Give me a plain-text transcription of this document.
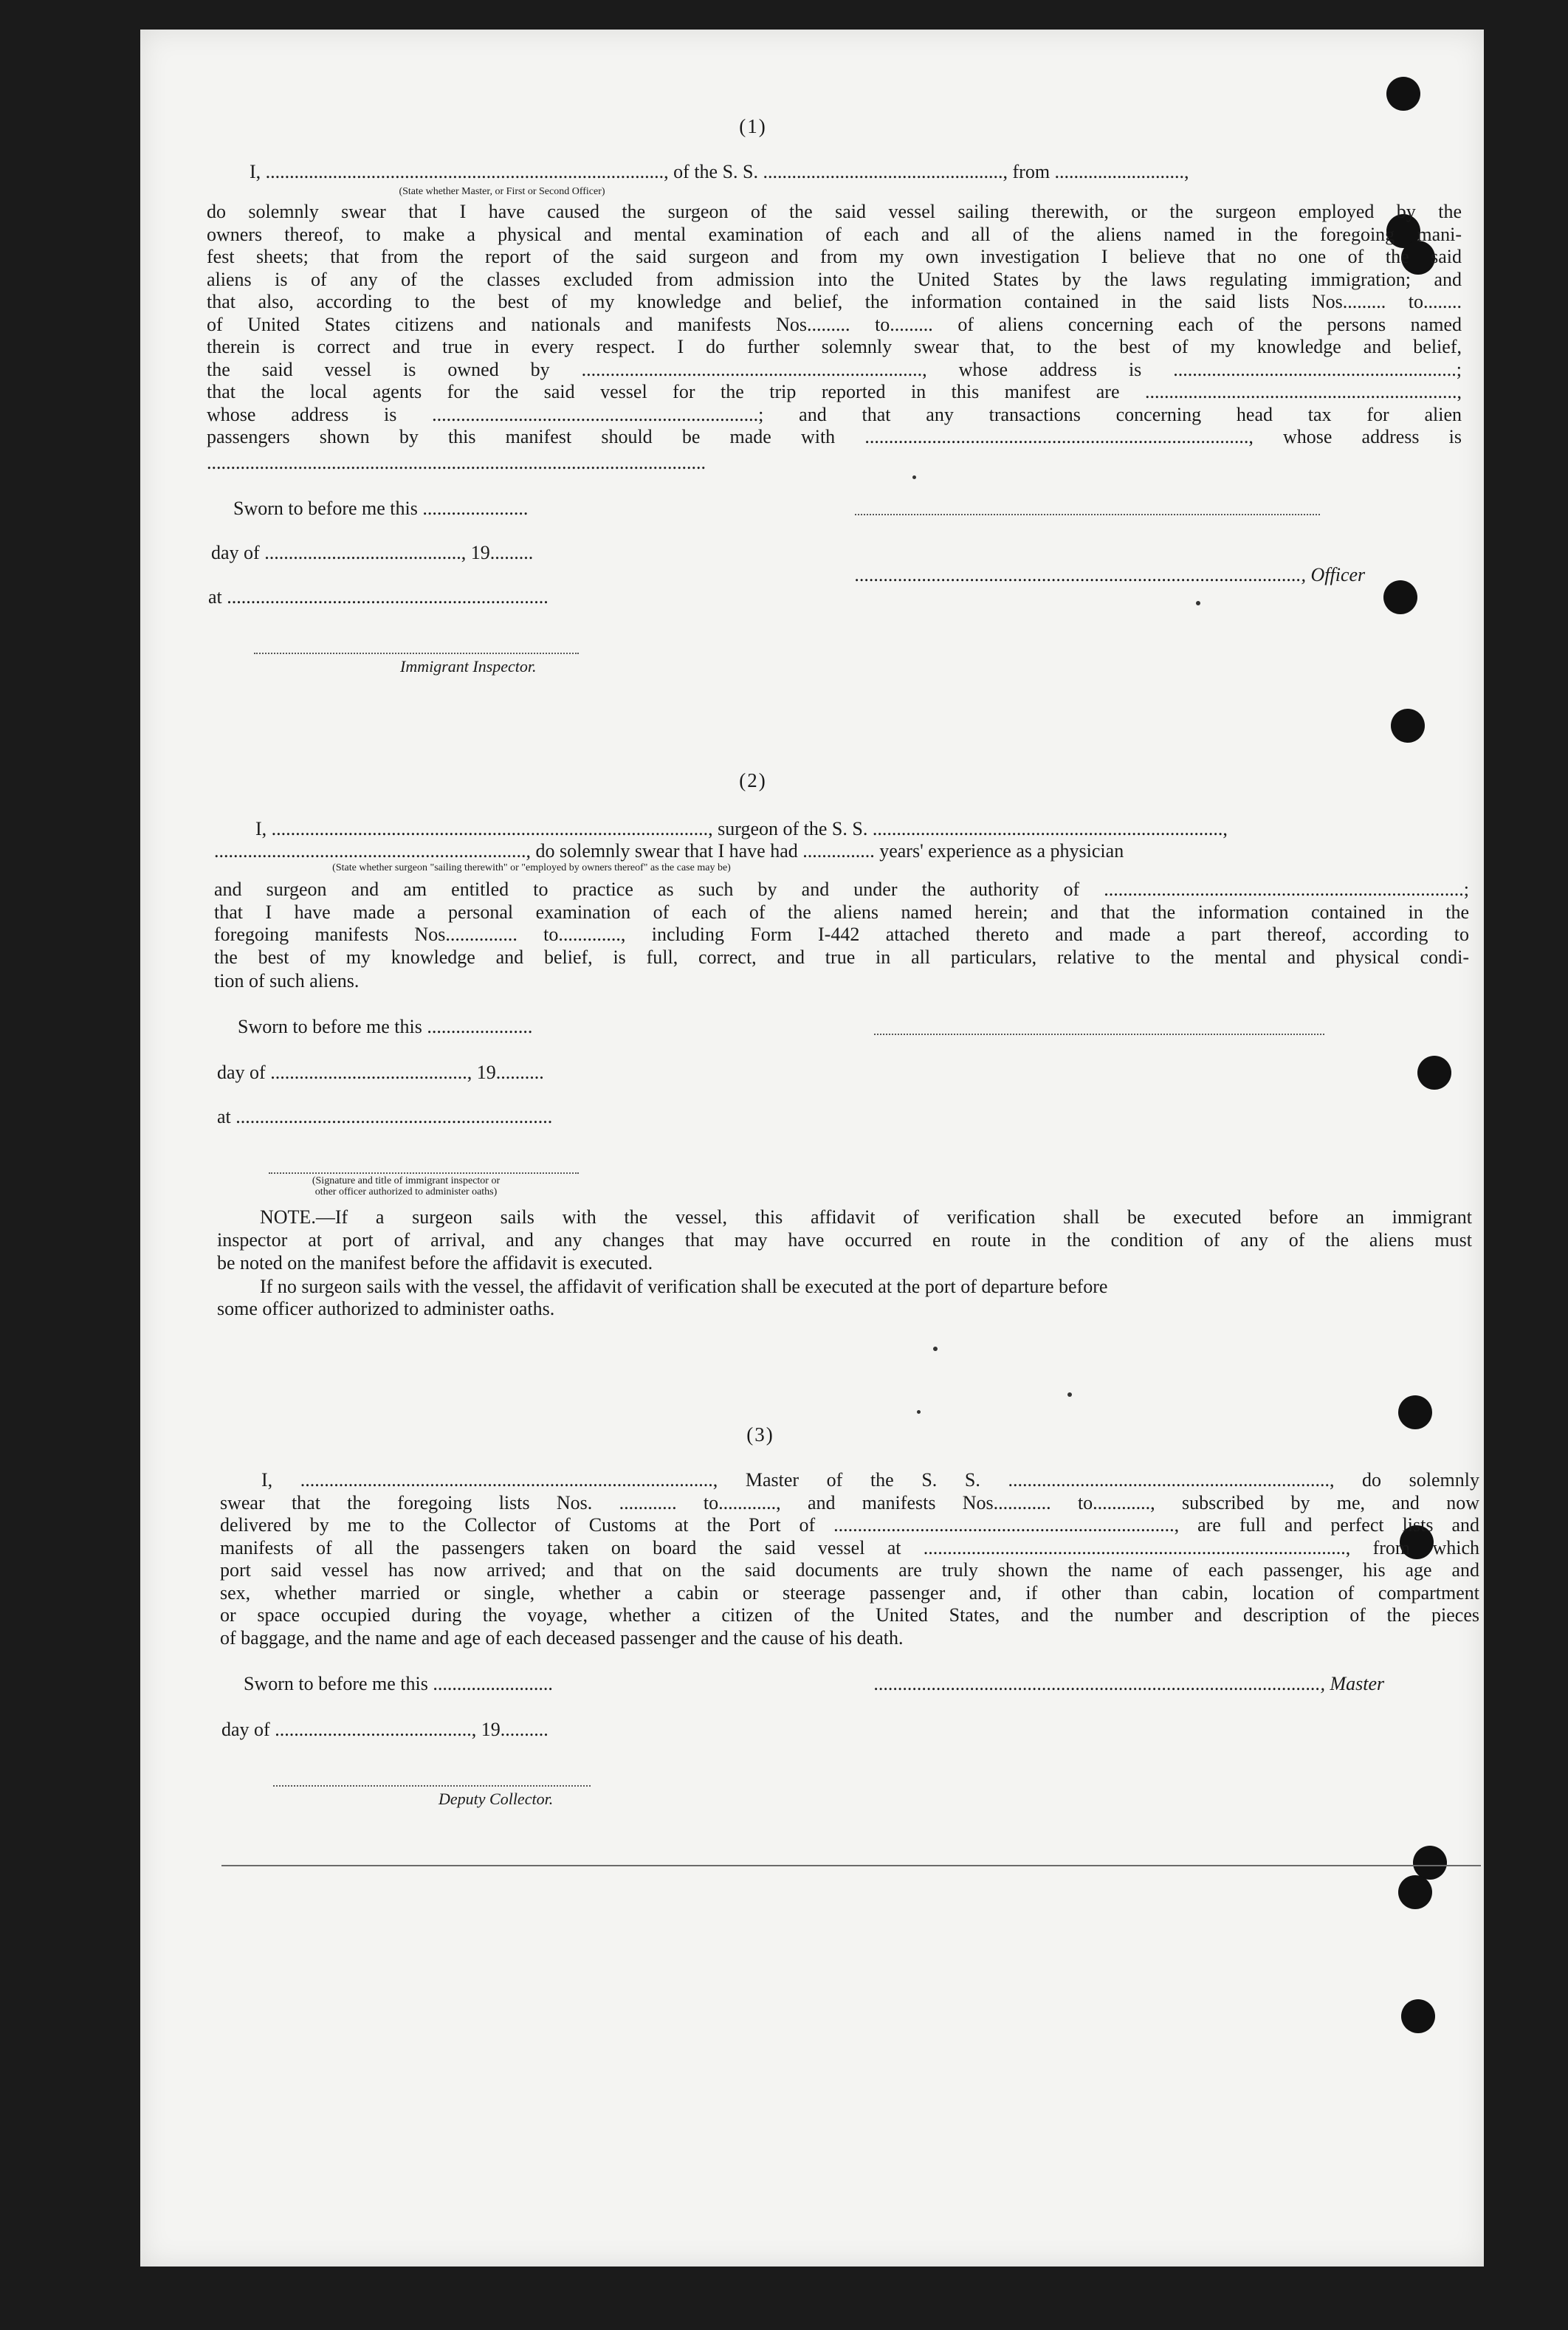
(1)
I, ..................................................................................., of the S. S. .................................................., from ...........................,
(State whether Master, or First or Second Officer)
do solemnly swear that I have caused the surgeon of the said vessel sailing therewith, or the surgeon employed by the
owners thereof, to make a physical and mental examination of each and all of the aliens named in the foregoing mani-
fest sheets; that from the report of the said surgeon and from my own investigation I believe that no one of the said
aliens is of any of the classes excluded from admission into the United States by the laws regulating immigration; and
that also, according to the best of my knowledge and belief, the information contained in the said lists Nos......... to........
of United States citizens and nationals and manifests Nos......... to......... of aliens concerning each of the persons named
therein is correct and true in every respect. I do further solemnly swear that, to the best of my knowledge and belief,
the said vessel is owned by ......................................................................., whose address is ...........................................................;
that the local agents for the said vessel for the trip reported in this manifest are .................................................................,
whose address is ....................................................................; and that any transactions concerning head tax for alien
passengers shown by this manifest should be made with ................................................................................, whose address is
........................................................................................................
Sworn to before me this ......................
day of ........................................., 19.........
............................................................................................., Officer
at ...................................................................
Immigrant Inspector.
(2)
I, ..........................................................................................., surgeon of the S. S. .........................................................................,
................................................................., do solemnly swear that I have had ............... years' experience as a physician
(State whether surgeon "sailing therewith" or "employed by owners thereof" as the case may be)
and surgeon and am entitled to practice as such by and under the authority of ...........................................................................;
that I have made a personal examination of each of the aliens named herein; and that the information contained in the
foregoing manifests Nos............... to............., including Form I-442 attached thereto and made a part thereof, according to
the best of my knowledge and belief, is full, correct, and true in all particulars, relative to the mental and physical condi-
tion of such aliens.
Sworn to before me this ......................
day of ........................................., 19..........
at ..................................................................
(Signature and title of immigrant inspector or
other officer authorized to administer oaths)
NOTE.—If a surgeon sails with the vessel, this affidavit of verification shall be executed before an immigrant
inspector at port of arrival, and any changes that may have occurred en route in the condition of any of the aliens must
be noted on the manifest before the affidavit is executed.
If no surgeon sails with the vessel, the affidavit of verification shall be executed at the port of departure before
some officer authorized to administer oaths.
(3)
I, ......................................................................................, Master of the S. S. ..................................................................., do solemnly
swear that the foregoing lists Nos. ............ to............, and manifests Nos............ to............, subscribed by me, and now
delivered by me to the Collector of Customs at the Port of ......................................................................., are full and perfect lists and
manifests of all the passengers taken on board the said vessel at ........................................................................................, from which
port said vessel has now arrived; and that on the said documents are truly shown the name of each passenger, his age and
sex, whether married or single, whether a cabin or steerage passenger and, if other than cabin, location of compartment
or space occupied during the voyage, whether a citizen of the United States, and the number and description of the pieces
of baggage, and the name and age of each deceased passenger and the cause of his death.
Sworn to before me this .........................	............................................................................................., Master
day of ........................................., 19..........
Deputy Collector.
